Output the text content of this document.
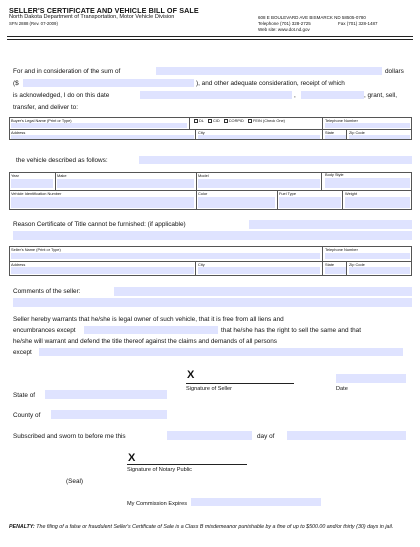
SELLER'S CERTIFICATE AND VEHICLE BILL OF SALE
North Dakota Department of Transportation, Motor Vehicle Division
SFN 2888 (Rev. 07-2009)
608 E BOULEVARD AVE BISMARCK ND 58505-0780
Telephone (701) 328-2725	Fax (701) 328-1487
Web site: www.dot.nd.gov
For and in consideration of the sum of	dollars
($	), and other adequate consideration, receipt of which
is acknowledged, I do on this date	,	, grant, sell,
transfer, and deliver to:
Buyer's Legal Name (Print or Type)	DL CID CORPID FEIN (Check One)	Telephone Number
Address	City	State	Zip Code
the vehicle described as follows:
Year	Make	Model	Body Style
Vehicle Identification Number	Color	Fuel Type	Weight
Reason Certificate of Title cannot be furnished: (if applicable)
Seller's Name (Print or Type)	Telephone Number
Address	City	State	Zip Code
Comments of the seller:
Seller hereby warrants that he/she is legal owner of such vehicle, that it is free from all liens and
encumbrances except	that he/she has the right to sell the same and that
he/she will warrant and defend the title thereof against the claims and demands of all persons
except
X
Signature of Seller	Date
State of
County of
Subscribed and sworn to before me this	day of
X
Signature of Notary Public
(Seal)
My Commission Expires
PENALTY: The filing of a false or fraudulent Seller's Certificate of Sale is a Class B misdemeanor punishable by a fine of up to $500.00 and/or thirty (30) days in jail.
